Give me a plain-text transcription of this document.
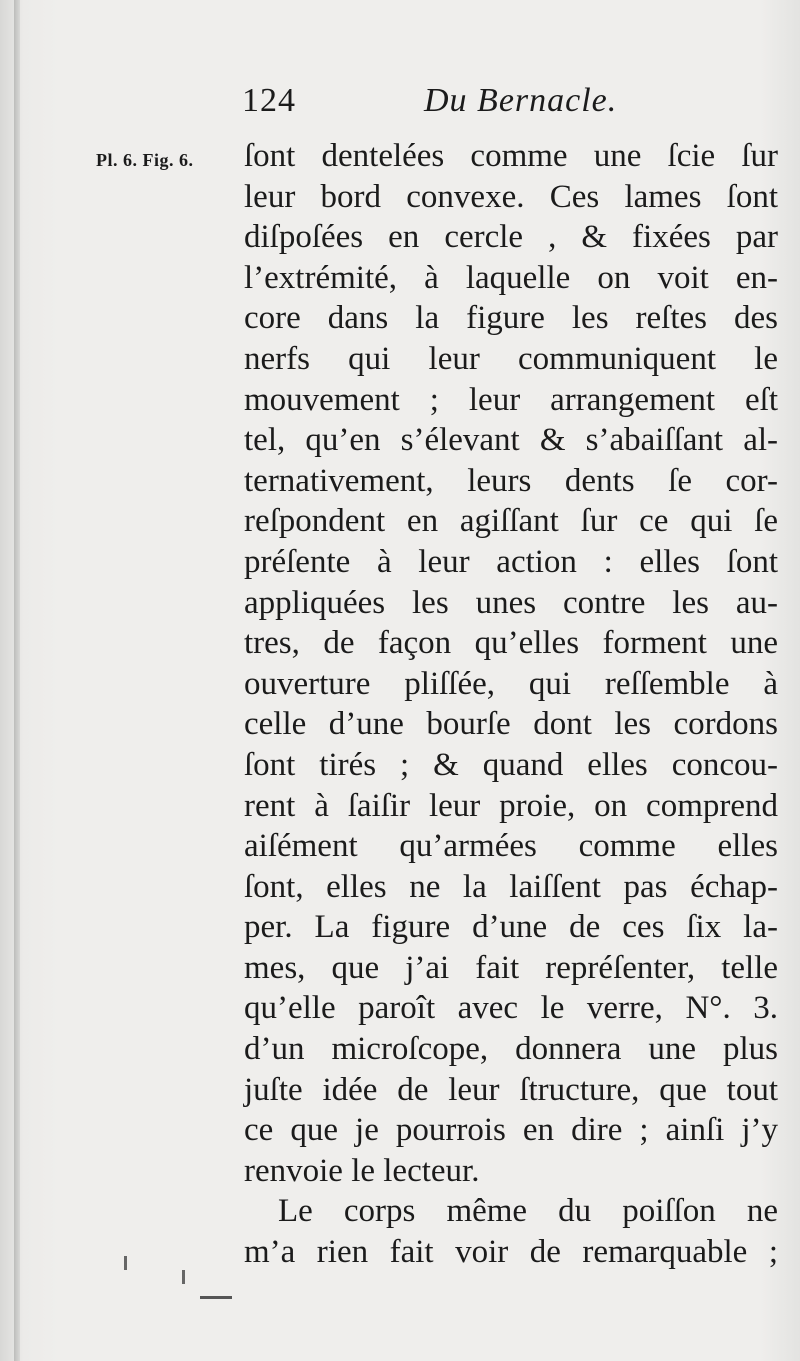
124	Du Bernacle.
Pl. 6. Fig. 6. ſont dentelées comme une ſcie ſur
leur bord convexe. Ces lames ſont
diſpoſées en cercle , & fixées par
l’extrémité, à laquelle on voit en-
core dans la figure les reſtes des
nerfs qui leur communiquent le
mouvement ; leur arrangement eſt
tel, qu’en s’élevant & s’abaiſſant al-
ternativement, leurs dents ſe cor-
reſpondent en agiſſant ſur ce qui ſe
préſente à leur action : elles ſont
appliquées les unes contre les au-
tres, de façon qu’elles forment une
ouverture pliſſée, qui reſſemble à
celle d’une bourſe dont les cordons
ſont tirés ; & quand elles concou-
rent à ſaiſir leur proie, on comprend
aiſément qu’armées comme elles
ſont, elles ne la laiſſent pas échap-
per. La figure d’une de ces ſix la-
mes, que j’ai fait repréſenter, telle
qu’elle paroît avec le verre, N°. 3.
d’un microſcope, donnera une plus
juſte idée de leur ſtructure, que tout
ce que je pourrois en dire ; ainſi j’y
renvoie le lecteur.
Le corps même du poiſſon ne
m’a rien fait voir de remarquable ;
